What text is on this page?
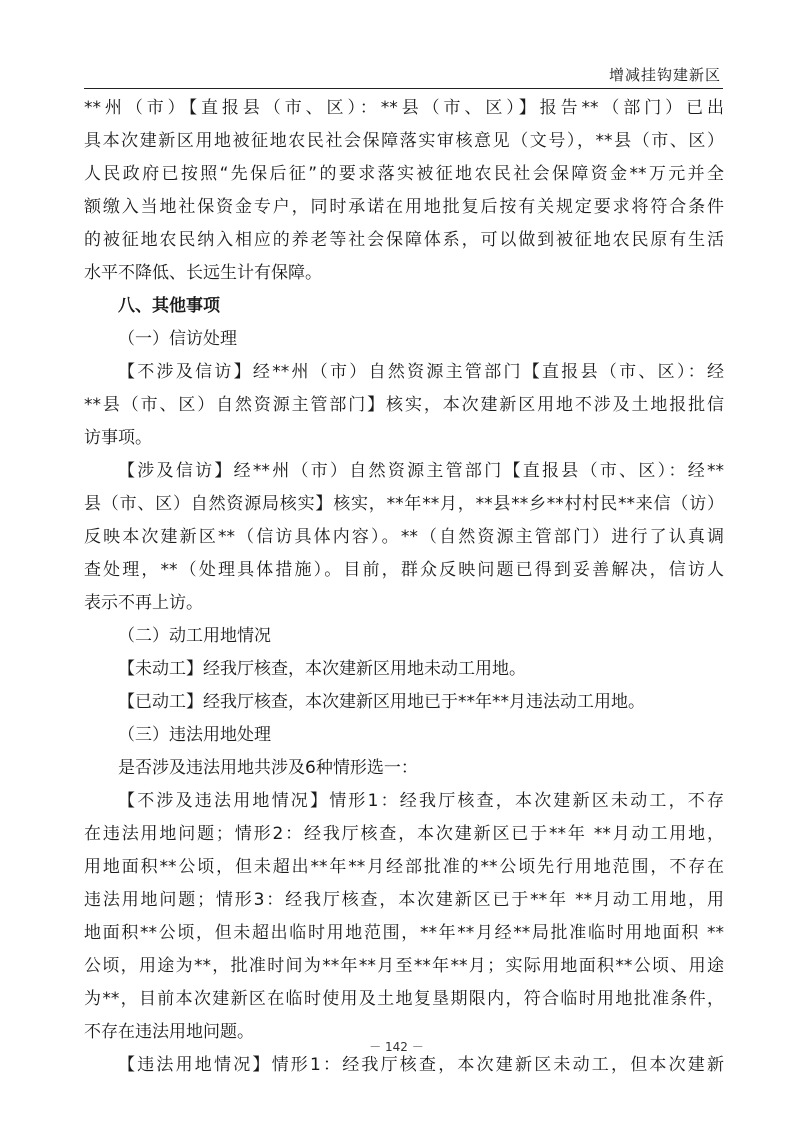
增减挂钩建新区
**州（市）【直报县（市、区）：**县（市、区）】报告**（部门）已出
具本次建新区用地被征地农民社会保障落实审核意见（文号），**县（市、区）
人民政府已按照“先保后征”的要求落实被征地农民社会保障资金**万元并全
额缴入当地社保资金专户，同时承诺在用地批复后按有关规定要求将符合条件
的被征地农民纳入相应的养老等社会保障体系，可以做到被征地农民原有生活
水平不降低、长远生计有保障。
八、其他事项
（一）信访处理
【不涉及信访】经**州（市）自然资源主管部门【直报县（市、区）：经
**县（市、区）自然资源主管部门】核实，本次建新区用地不涉及土地报批信
访事项。
【涉及信访】经**州（市）自然资源主管部门【直报县（市、区）：经**
县（市、区）自然资源局核实】核实，**年**月，**县**乡**村村民**来信（访）
反映本次建新区**（信访具体内容）。**（自然资源主管部门）进行了认真调
查处理，**（处理具体措施）。目前，群众反映问题已得到妥善解决，信访人
表示不再上访。
（二）动工用地情况
【未动工】经我厅核查，本次建新区用地未动工用地。
【已动工】经我厅核查，本次建新区用地已于**年**月违法动工用地。
（三）违法用地处理
是否涉及违法用地共涉及6种情形选一：
【不涉及违法用地情况】情形1：经我厅核查，本次建新区未动工，不存
在违法用地问题；情形2：经我厅核查，本次建新区已于**年 **月动工用地，
用地面积**公顷，但未超出**年**月经部批准的**公顷先行用地范围，不存在
违法用地问题；情形3：经我厅核查，本次建新区已于**年 **月动工用地，用
地面积**公顷，但未超出临时用地范围，**年**月经**局批准临时用地面积 **
公顷，用途为**，批准时间为**年**月至**年**月；实际用地面积**公顷、用途
为**，目前本次建新区在临时使用及土地复垦期限内，符合临时用地批准条件，
不存在违法用地问题。
【违法用地情况】情形1：经我厅核查，本次建新区未动工，但本次建新
－ 142 －
